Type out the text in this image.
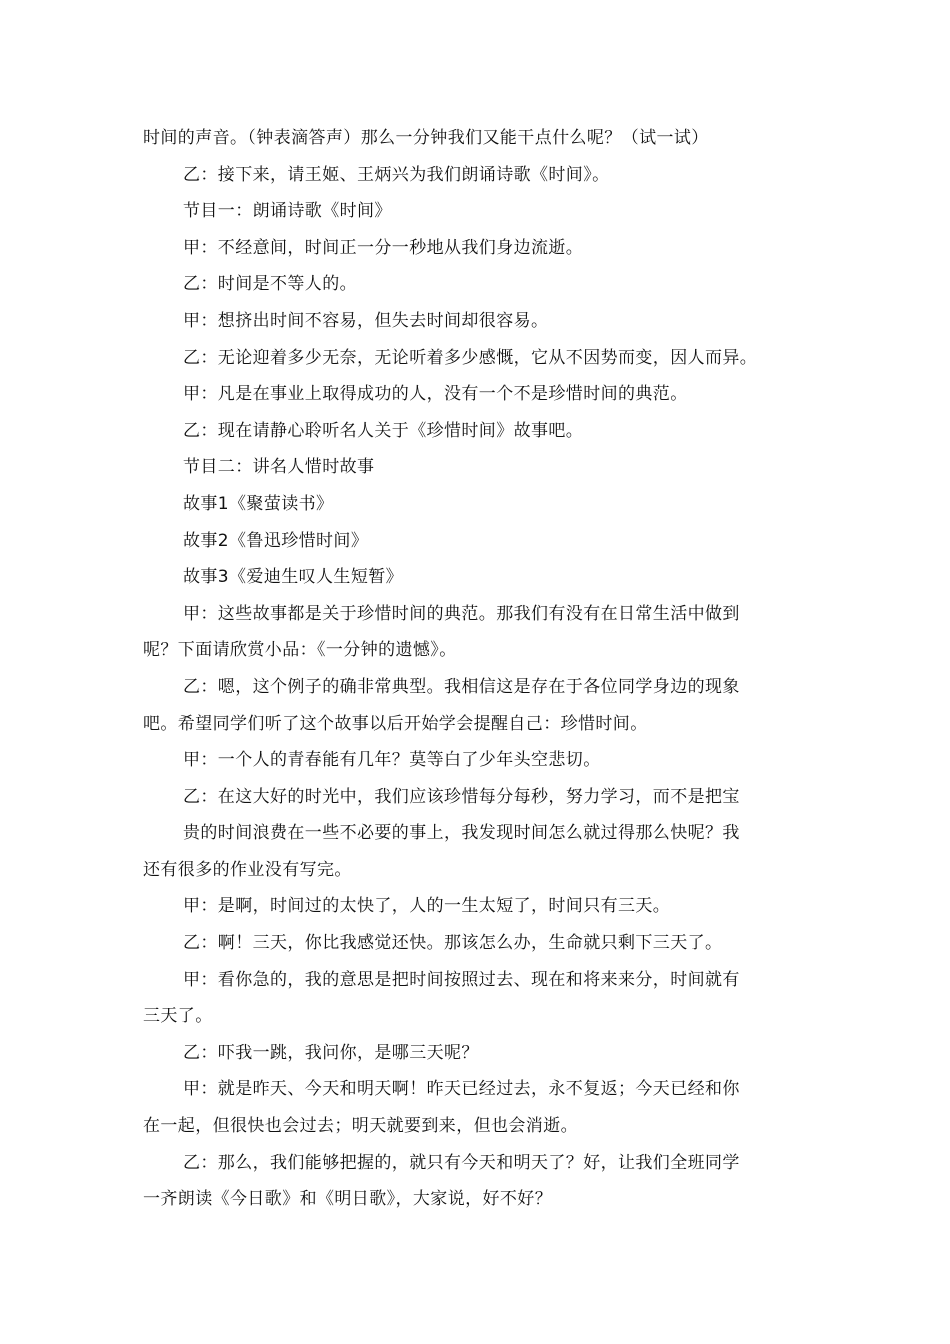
时间的声音。（钟表滴答声）那么一分钟我们又能干点什么呢？（试一试）

乙：接下来，请王姬、王炳兴为我们朗诵诗歌《时间》。

节目一：朗诵诗歌《时间》

甲：不经意间，时间正一分一秒地从我们身边流逝。

乙：时间是不等人的。

甲：想挤出时间不容易，但失去时间却很容易。

乙：无论迎着多少无奈，无论听着多少感慨，它从不因势而变，因人而异。

甲：凡是在事业上取得成功的人，没有一个不是珍惜时间的典范。

乙：现在请静心聆听名人关于《珍惜时间》故事吧。

节目二：讲名人惜时故事

故事1《聚萤读书》

故事2《鲁迅珍惜时间》

故事3《爱迪生叹人生短暂》

甲：这些故事都是关于珍惜时间的典范。那我们有没有在日常生活中做到

呢？下面请欣赏小品：《一分钟的遗憾》。

乙：嗯，这个例子的确非常典型。我相信这是存在于各位同学身边的现象

吧。希望同学们听了这个故事以后开始学会提醒自己：珍惜时间。

甲：一个人的青春能有几年？莫等白了少年头空悲切。

乙：在这大好的时光中，我们应该珍惜每分每秒，努力学习，而不是把宝

贵的时间浪费在一些不必要的事上，我发现时间怎么就过得那么快呢？我

还有很多的作业没有写完。

甲：是啊，时间过的太快了，人的一生太短了，时间只有三天。

乙：啊！三天，你比我感觉还快。那该怎么办，生命就只剩下三天了。

甲：看你急的，我的意思是把时间按照过去、现在和将来来分，时间就有

三天了。

乙：吓我一跳，我问你，是哪三天呢？

甲：就是昨天、今天和明天啊！昨天已经过去，永不复返；今天已经和你

在一起，但很快也会过去；明天就要到来，但也会消逝。

乙：那么，我们能够把握的，就只有今天和明天了？好，让我们全班同学

一齐朗读《今日歌》和《明日歌》，大家说，好不好？
